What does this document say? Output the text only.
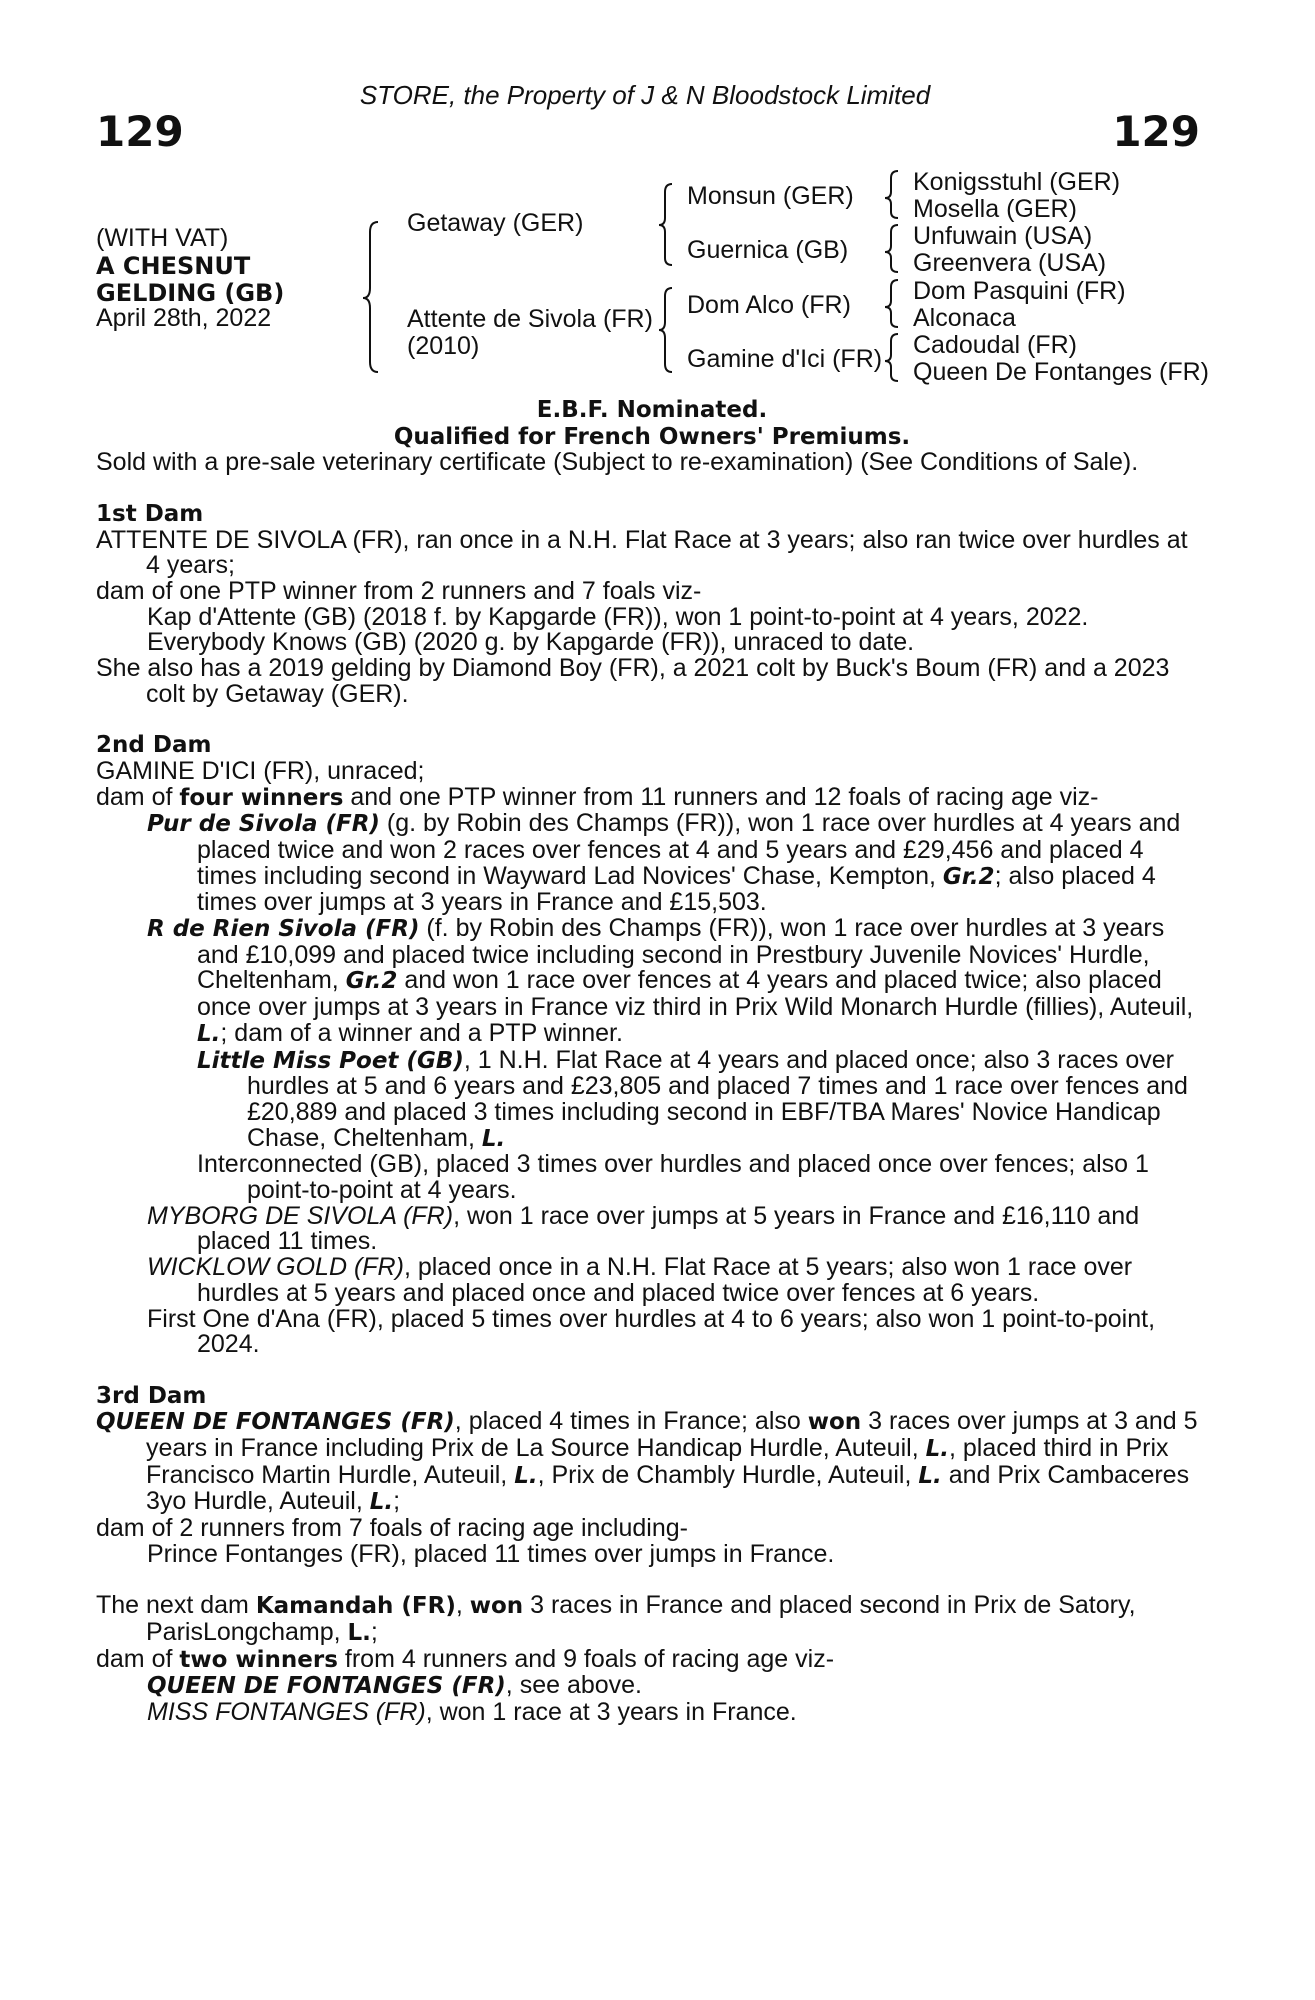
STORE, the Property of J & N Bloodstock Limited
129	129
(WITH VAT)
A CHESNUT
GELDING (GB)
April 28th, 2022
Getaway (GER)
Attente de Sivola (FR)
(2010)
Monsun (GER)
Guernica (GB)
Dom Alco (FR)
Gamine d'Ici (FR)
Konigsstuhl (GER)
Mosella (GER)
Unfuwain (USA)
Greenvera (USA)
Dom Pasquini (FR)
Alconaca
Cadoudal (FR)
Queen De Fontanges (FR)

E.B.F. Nominated.

Qualified for French Owners' Premiums.

Sold with a pre-sale veterinary certificate (Subject to re-examination) (See Conditions of Sale).

1st Dam

ATTENTE DE SIVOLA (FR), ran once in a N.H. Flat Race at 3 years; also ran twice over hurdles at 4 years;

dam of one PTP winner from 2 runners and 7 foals viz-

Kap d'Attente (GB) (2018 f. by Kapgarde (FR)), won 1 point-to-point at 4 years, 2022.

Everybody Knows (GB) (2020 g. by Kapgarde (FR)), unraced to date.

She also has a 2019 gelding by Diamond Boy (FR), a 2021 colt by Buck's Boum (FR) and a 2023 colt by Getaway (GER).

2nd Dam

GAMINE D'ICI (FR), unraced;

dam of four winners and one PTP winner from 11 runners and 12 foals of racing age viz-

Pur de Sivola (FR) (g. by Robin des Champs (FR)), won 1 race over hurdles at 4 years and placed twice and won 2 races over fences at 4 and 5 years and £29,456 and placed 4 times including second in Wayward Lad Novices' Chase, Kempton, Gr.2; also placed 4 times over jumps at 3 years in France and £15,503.

R de Rien Sivola (FR) (f. by Robin des Champs (FR)), won 1 race over hurdles at 3 years and £10,099 and placed twice including second in Prestbury Juvenile Novices' Hurdle, Cheltenham, Gr.2 and won 1 race over fences at 4 years and placed twice; also placed once over jumps at 3 years in France viz third in Prix Wild Monarch Hurdle (fillies), Auteuil, L.; dam of a winner and a PTP winner.

Little Miss Poet (GB), 1 N.H. Flat Race at 4 years and placed once; also 3 races over hurdles at 5 and 6 years and £23,805 and placed 7 times and 1 race over fences and £20,889 and placed 3 times including second in EBF/TBA Mares' Novice Handicap Chase, Cheltenham, L.

Interconnected (GB), placed 3 times over hurdles and placed once over fences; also 1 point-to-point at 4 years.

MYBORG DE SIVOLA (FR), won 1 race over jumps at 5 years in France and £16,110 and placed 11 times.

WICKLOW GOLD (FR), placed once in a N.H. Flat Race at 5 years; also won 1 race over hurdles at 5 years and placed once and placed twice over fences at 6 years.

First One d'Ana (FR), placed 5 times over hurdles at 4 to 6 years; also won 1 point-to-point, 2024.

3rd Dam

QUEEN DE FONTANGES (FR), placed 4 times in France; also won 3 races over jumps at 3 and 5 years in France including Prix de La Source Handicap Hurdle, Auteuil, L., placed third in Prix Francisco Martin Hurdle, Auteuil, L., Prix de Chambly Hurdle, Auteuil, L. and Prix Cambaceres 3yo Hurdle, Auteuil, L.;

dam of 2 runners from 7 foals of racing age including-

Prince Fontanges (FR), placed 11 times over jumps in France.

The next dam Kamandah (FR), won 3 races in France and placed second in Prix de Satory, ParisLongchamp, L.;

dam of two winners from 4 runners and 9 foals of racing age viz-

QUEEN DE FONTANGES (FR), see above.

MISS FONTANGES (FR), won 1 race at 3 years in France.
